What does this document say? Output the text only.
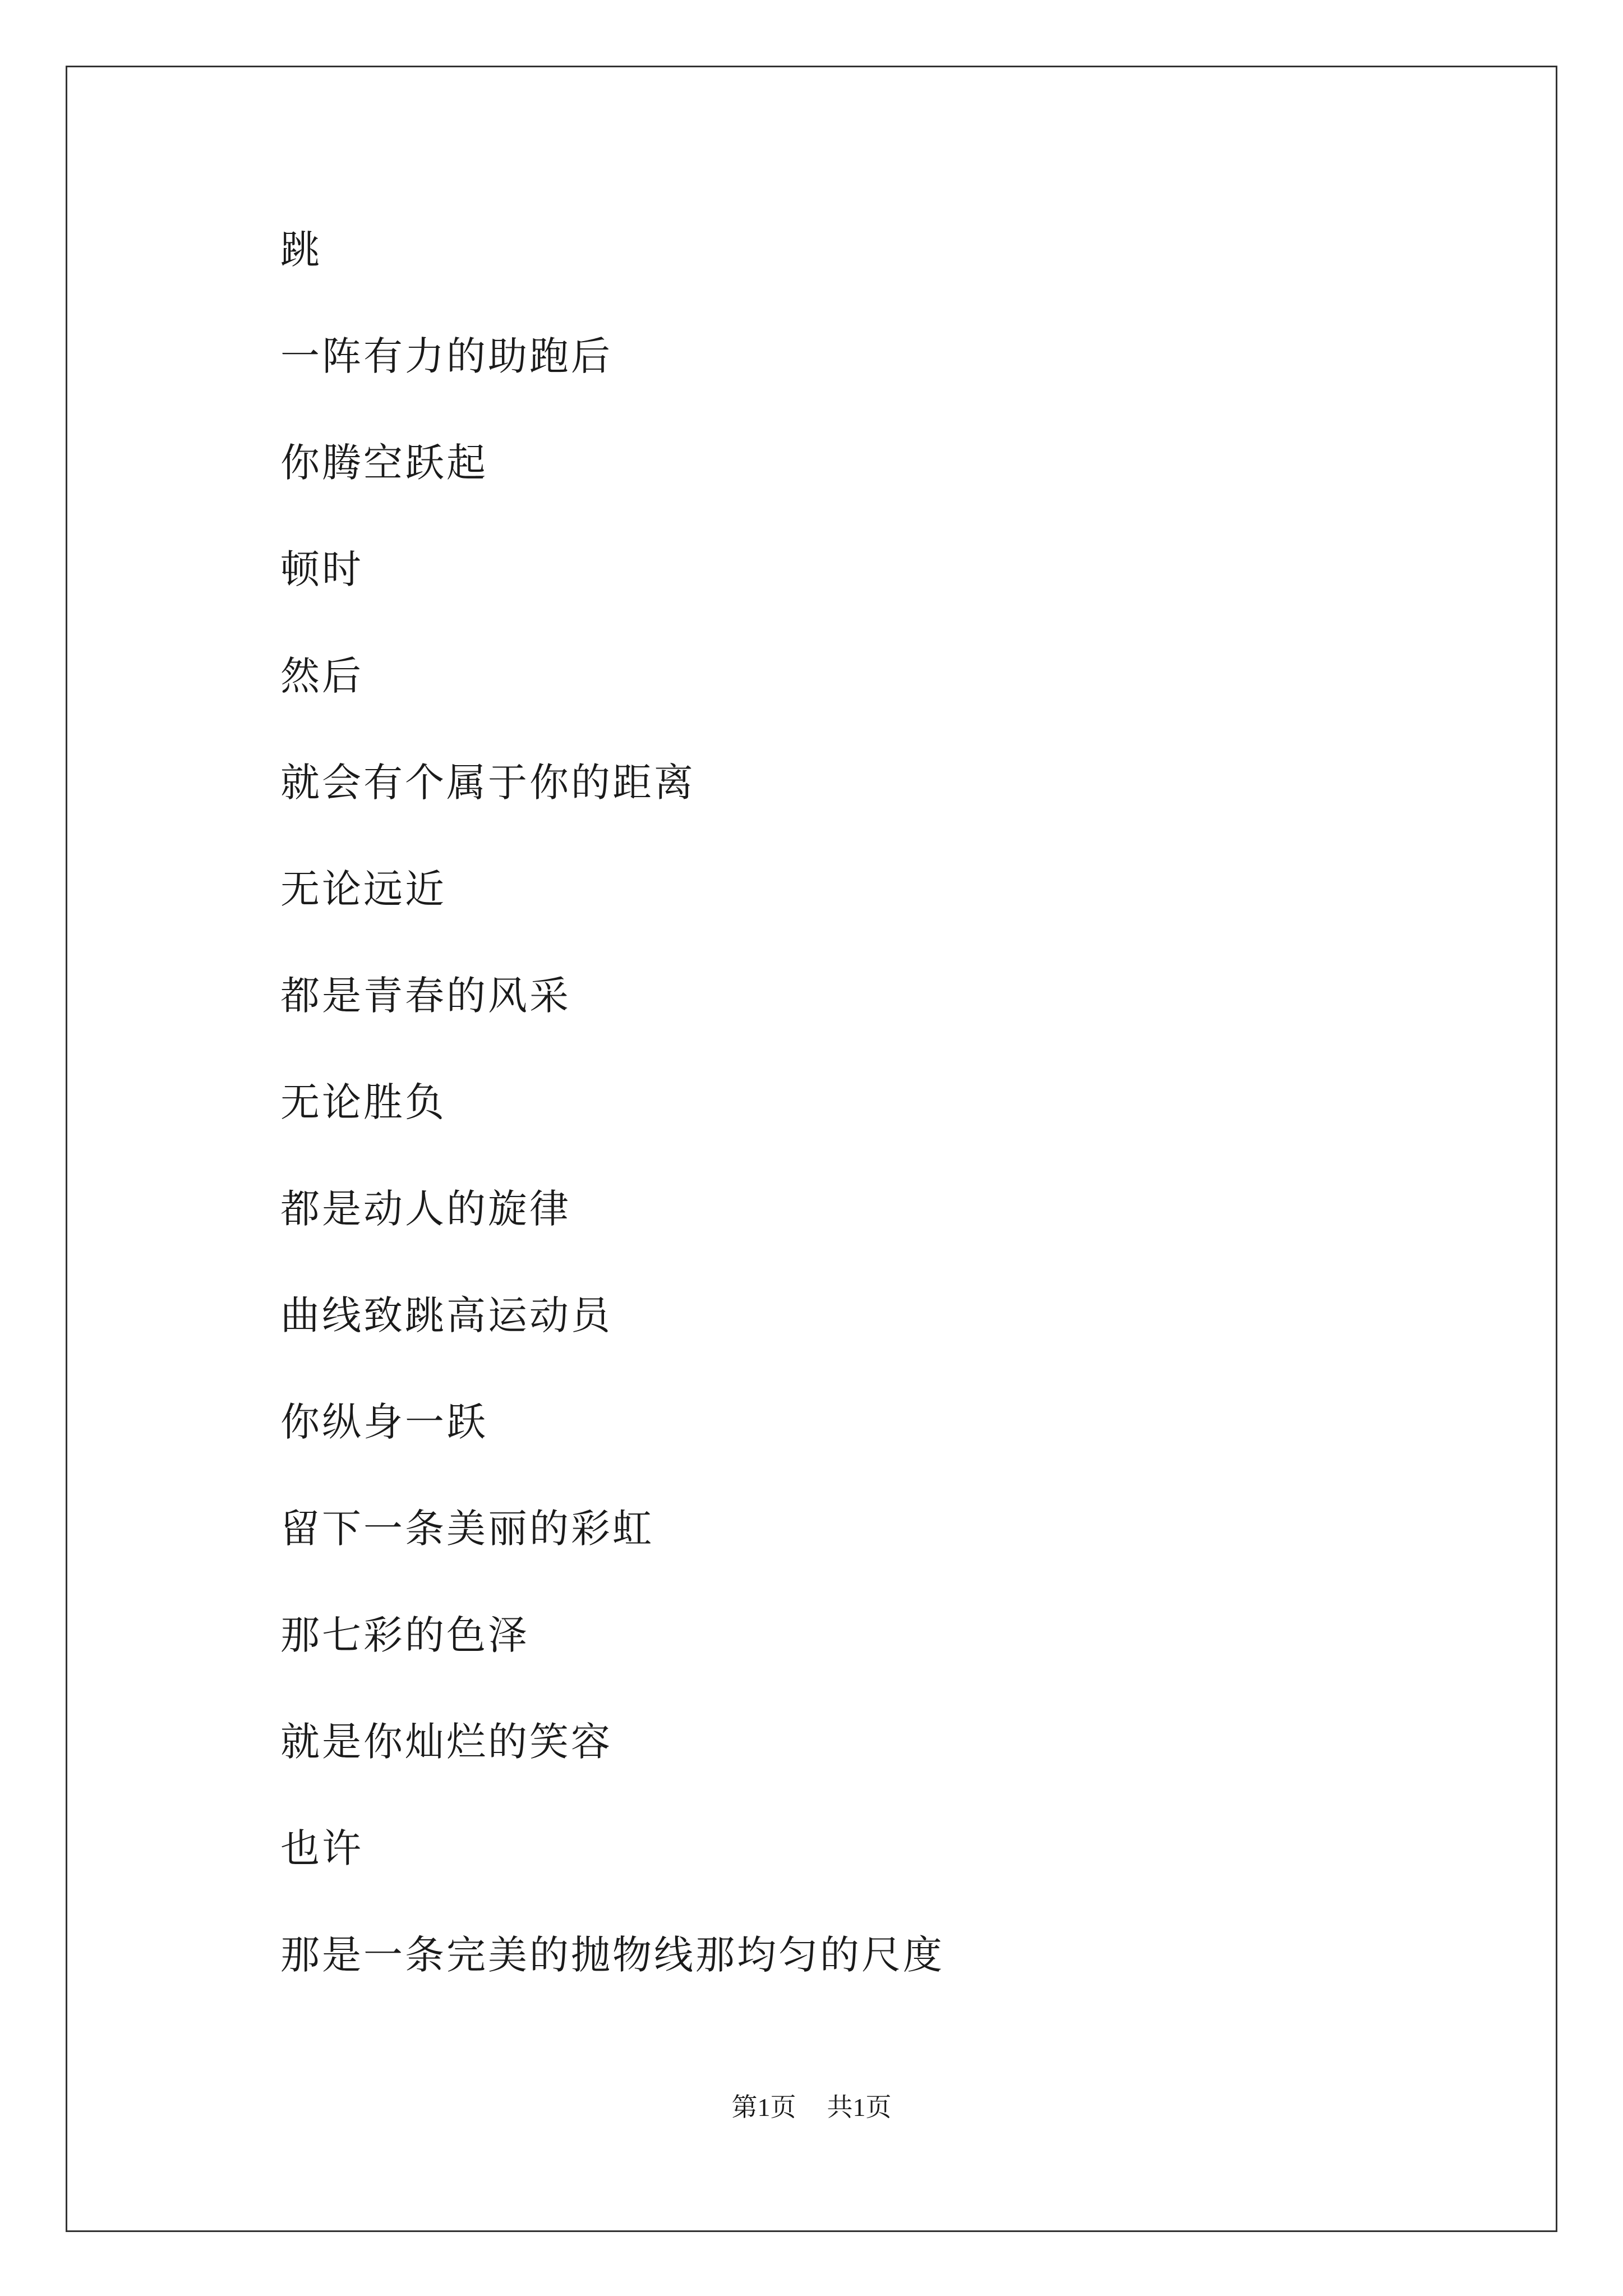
跳
一阵有力的助跑后
你腾空跃起
顿时
然后
就会有个属于你的距离
无论远近
都是青春的风采
无论胜负
都是动人的旋律
曲线致跳高运动员
你纵身一跃
留下一条美丽的彩虹
那七彩的色泽
就是你灿烂的笑容
也许
那是一条完美的抛物线那均匀的尺度
第1页 共1页
